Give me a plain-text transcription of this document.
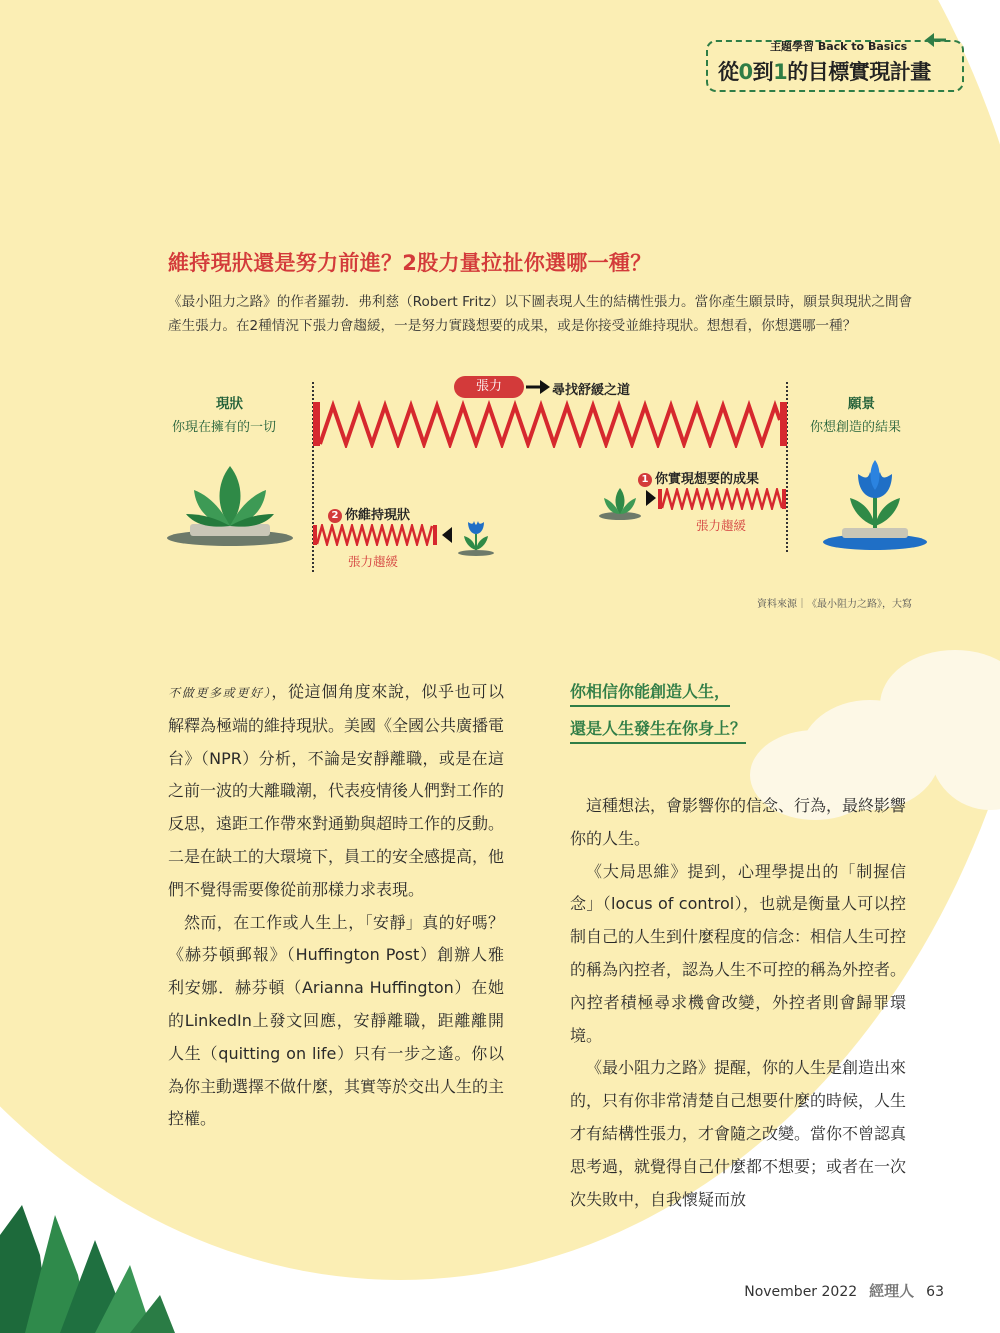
主題學習 Back to Basics
從0到1的目標實現計畫
維持現狀還是努力前進？2股力量拉扯你選哪一種？
《最小阻力之路》的作者羅勃．弗利慈（Robert Fritz）以下圖表現人生的結構性張力。當你產生願景時，願景與現狀之間會產生張力。在2種情況下張力會趨緩，一是努力實踐想要的成果，或是你接受並維持現狀。想想看，你想選哪一種？
現狀
你現在擁有的一切
願景
你想創造的結果
張力	尋找舒緩之道
1 你實現想要的成果
張力趨緩
2 你維持現狀
張力趨緩
資料來源｜《最小阻力之路》，大寫

不做更多或更好），從這個角度來說，似乎也可以解釋為極端的維持現狀。美國《全國公共廣播電台》（NPR）分析，不論是安靜離職，或是在這之前一波的大離職潮，代表疫情後人們對工作的反思，遠距工作帶來對通勤與超時工作的反動。二是在缺工的大環境下，員工的安全感提高，他們不覺得需要像從前那樣力求表現。

然而，在工作或人生上，「安靜」真的好嗎？《赫芬頓郵報》（Huffington Post）創辦人雅利安娜．赫芬頓（Arianna Huffington）在她的LinkedIn上發文回應，安靜離職，距離離開人生（quitting on life）只有一步之遙。你以為你主動選擇不做什麼，其實等於交出人生的主控權。

你相信你能創造人生，
還是人生發生在你身上？

這種想法，會影響你的信念、行為，最終影響你的人生。

《大局思維》提到，心理學提出的「制握信念」（locus of control），也就是衡量人可以控制自己的人生到什麼程度的信念：相信人生可控的稱為內控者，認為人生不可控的稱為外控者。內控者積極尋求機會改變，外控者則會歸罪環境。

《最小阻力之路》提醒，你的人生是創造出來的，只有你非常清楚自己想要什麼的時候，人生才有結構性張力，才會隨之改變。當你不曾認真思考過，就覺得自己什麼都不想要；或者在一次次失敗中，自我懷疑而放

November 2022 經理人 63
